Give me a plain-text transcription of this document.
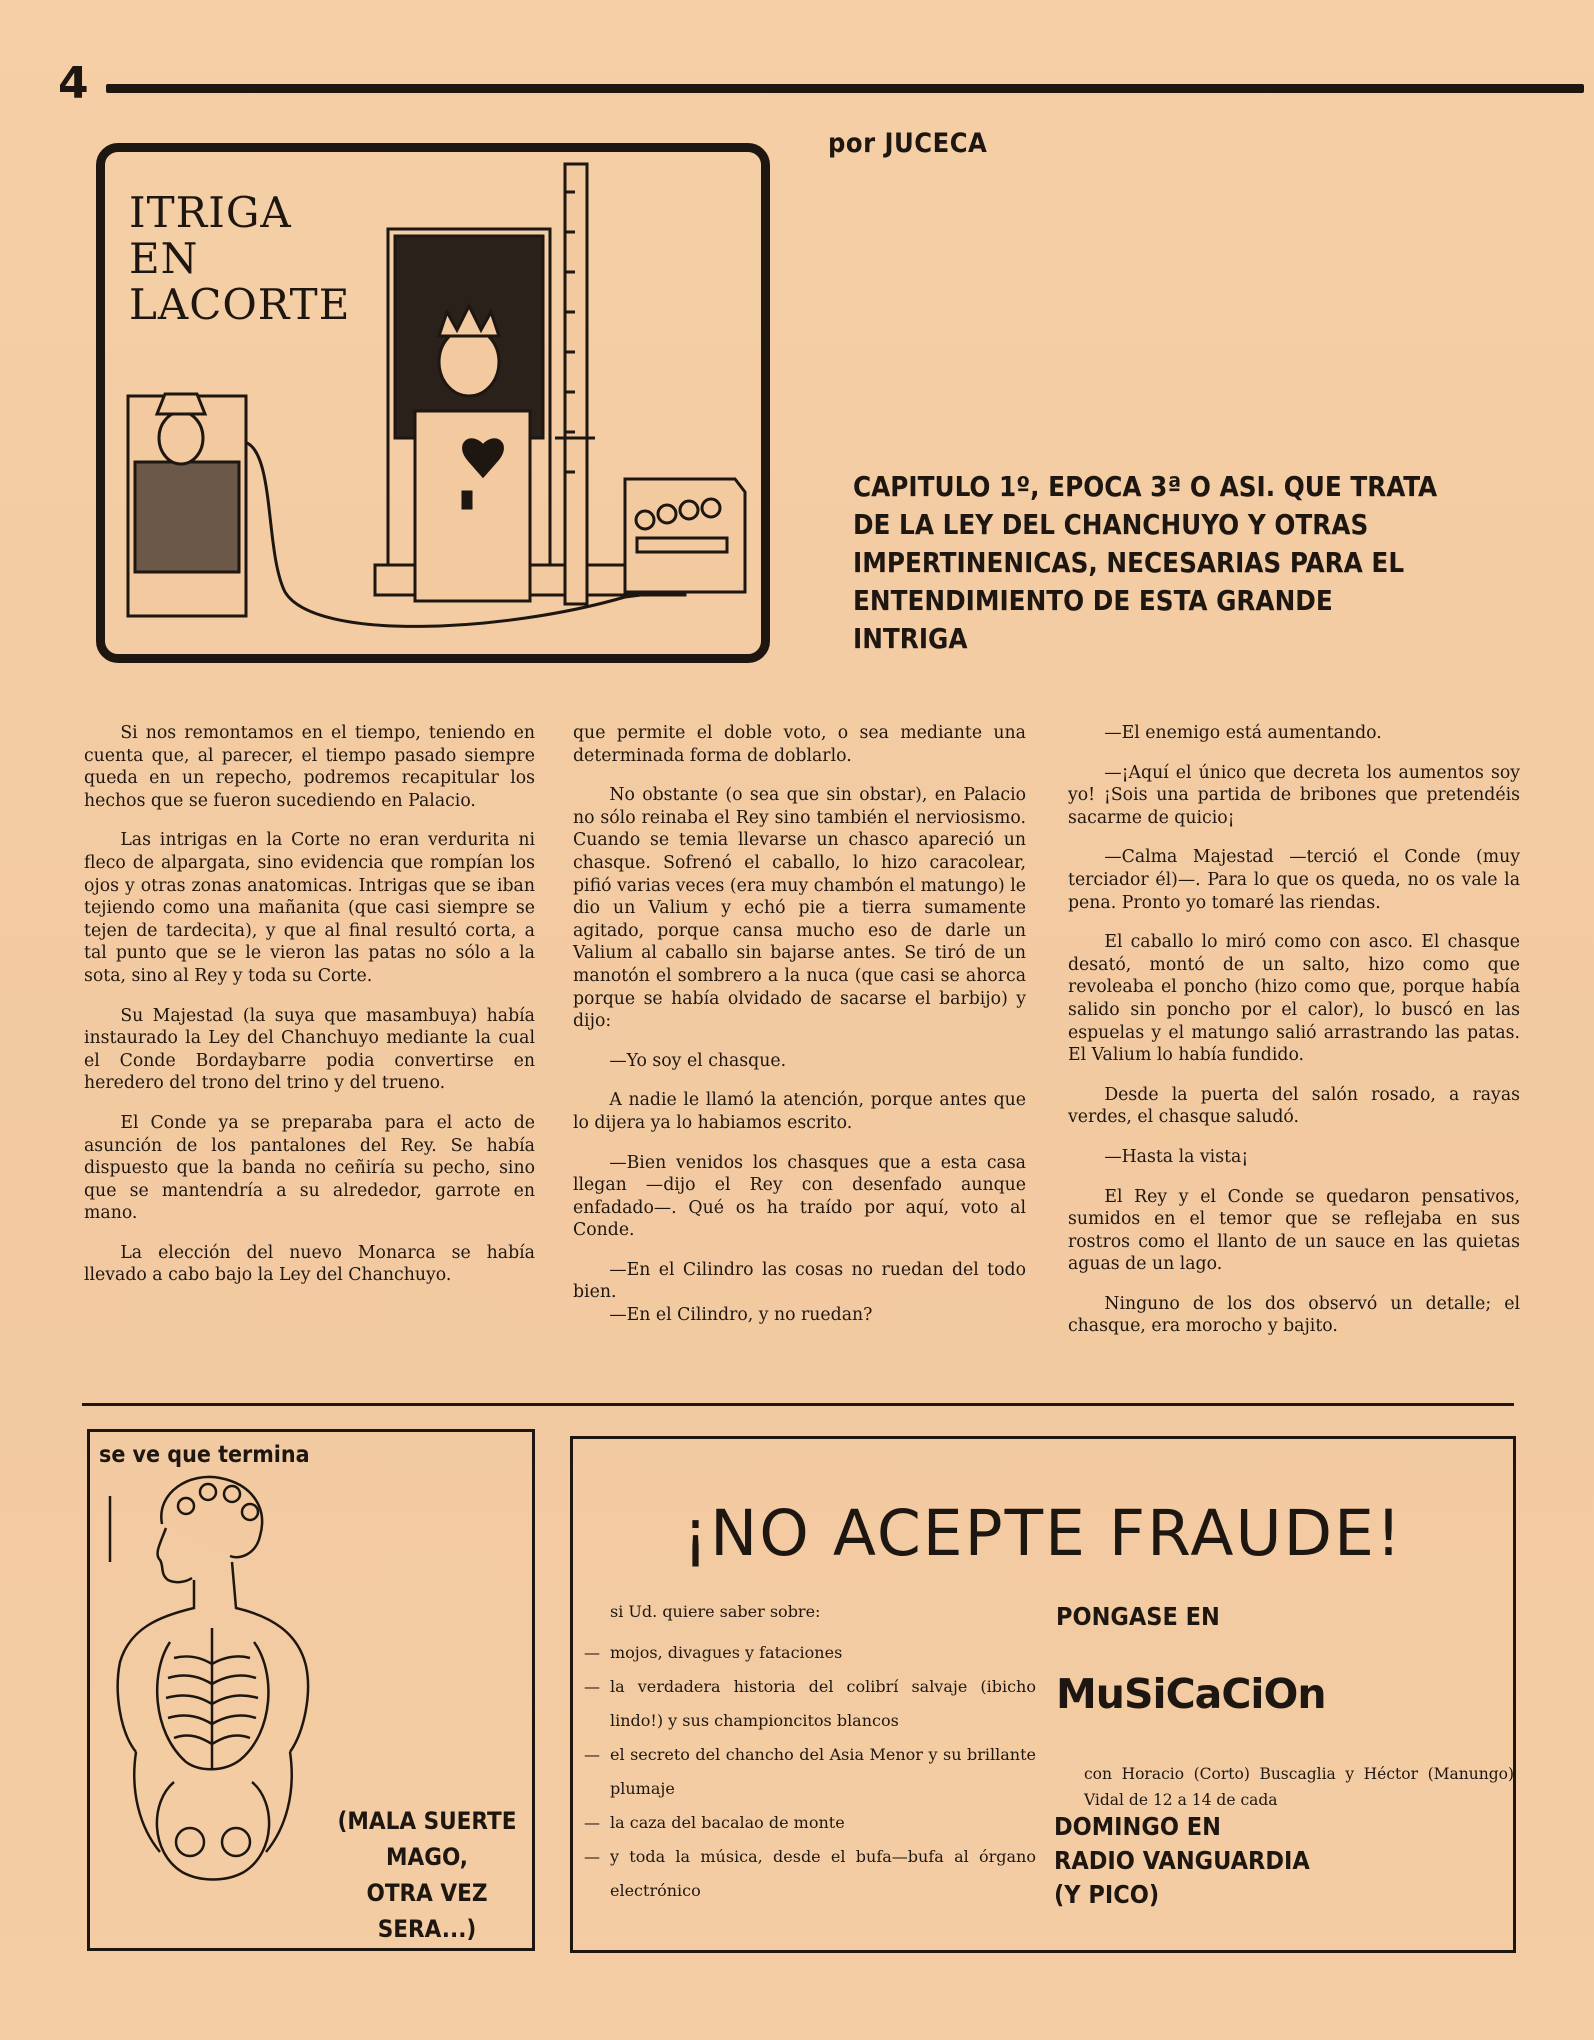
4
por JUCECA
ITRIGA
EN
LACORTE
CAPITULO 1º, EPOCA 3ª O ASI. QUE TRATA DE LA LEY DEL CHANCHUYO Y OTRAS IMPERTINENICAS, NECESARIAS PARA EL ENTENDIMIENTO DE ESTA GRANDE INTRIGA

Si nos remontamos en el tiempo, teniendo en cuenta que, al parecer, el tiempo pasado siempre queda en un repecho, podremos recapitular los hechos que se fueron sucediendo en Palacio.

Las intrigas en la Corte no eran verdurita ni fleco de alpargata, sino evidencia que rompían los ojos y otras zonas anatomicas. Intrigas que se iban tejiendo como una mañanita (que casi siempre se tejen de tardecita), y que al final resultó corta, a tal punto que se le vieron las patas no sólo a la sota, sino al Rey y toda su Corte.

Su Majestad (la suya que masambuya) había instaurado la Ley del Chanchuyo mediante la cual el Conde Bordaybarre podia convertirse en heredero del trono del trino y del trueno.

El Conde ya se preparaba para el acto de asunción de los pantalones del Rey. Se había dispuesto que la banda no ceñiría su pecho, sino que se mantendría a su alrededor, garrote en mano.

La elección del nuevo Monarca se había llevado a cabo bajo la Ley del Chanchuyo.

que permite el doble voto, o sea mediante una determinada forma de doblarlo.

No obstante (o sea que sin obstar), en Palacio no sólo reinaba el Rey sino también el nerviosismo. Cuando se temia llevarse un chasco apareció un chasque. Sofrenó el caballo, lo hizo caracolear, pifió varias veces (era muy chambón el matungo) le dio un Valium y echó pie a tierra sumamente agitado, porque cansa mucho eso de darle un Valium al caballo sin bajarse antes. Se tiró de un manotón el sombrero a la nuca (que casi se ahorca porque se había olvidado de sacarse el barbijo) y dijo:

—Yo soy el chasque.

A nadie le llamó la atención, porque antes que lo dijera ya lo habiamos escrito.

—Bien venidos los chasques que a esta casa llegan —dijo el Rey con desenfado aunque enfadado—. Qué os ha traído por aquí, voto al Conde.

—En el Cilindro las cosas no ruedan del todo bien.

—En el Cilindro, y no ruedan?

—El enemigo está aumentando.

—¡Aquí el único que decreta los aumentos soy yo! ¡Sois una partida de bribones que pretendéis sacarme de quicio¡

—Calma Majestad —terció el Conde (muy terciador él)—. Para lo que os queda, no os vale la pena. Pronto yo tomaré las riendas.

El caballo lo miró como con asco. El chasque desató, montó de un salto, hizo como que revoleaba el poncho (hizo como que, porque había salido sin poncho por el calor), lo buscó en las espuelas y el matungo salió arrastrando las patas. El Valium lo había fundido.

Desde la puerta del salón rosado, a rayas verdes, el chasque saludó.

—Hasta la vista¡

El Rey y el Conde se quedaron pensativos, sumidos en el temor que se reflejaba en sus rostros como el llanto de un sauce en las quietas aguas de un lago.

Ninguno de los dos observó un detalle; el chasque, era morocho y bajito.

se ve que termina
(MALA SUERTE
MAGO,
OTRA VEZ SERA...)
¡NO ACEPTE FRAUDE!
si Ud. quiere saber sobre:
— mojos, divagues y fataciones
— la verdadera historia del colibrí salvaje (ibicho lindo!) y sus championcitos blancos
— el secreto del chancho del Asia Menor y su brillante plumaje
— la caza del bacalao de monte
— y toda la música, desde el bufa—bufa al órgano electrónico
PONGASE EN
MuSiCaCiOn
con Horacio (Corto) Buscaglia y Héctor (Manungo) Vidal de 12 a 14 de cada
DOMINGO EN
RADIO VANGUARDIA
(Y PICO)
